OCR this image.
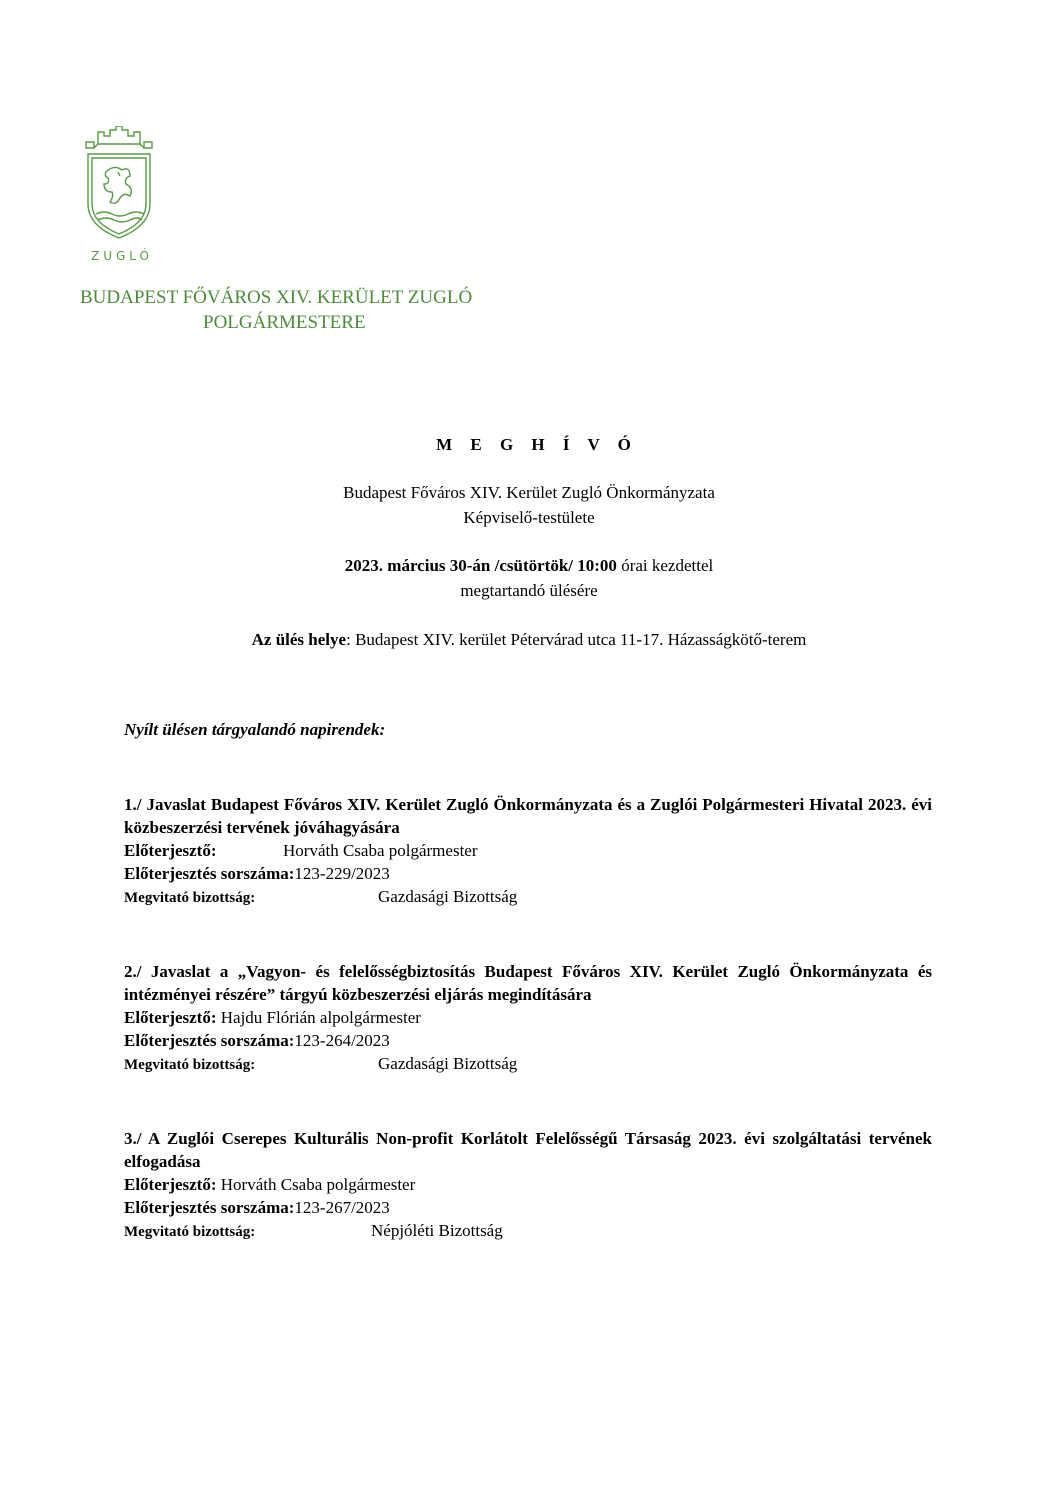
ZUGLÓ
BUDAPEST FŐVÁROS XIV. KERÜLET ZUGLÓ
POLGÁRMESTERE
M E G H Í V Ó
Budapest Főváros XIV. Kerület Zugló Önkormányzata
Képviselő-testülete
2023. március 30-án /csütörtök/ 10:00 órai kezdettel
megtartandó ülésére
Az ülés helye: Budapest XIV. kerület Pétervárad utca 11-17. Házasságkötő-terem
Nyílt ülésen tárgyalandó napirendek:
1./ Javaslat Budapest Főváros XIV. Kerület Zugló Önkormányzata és a Zuglói Polgármesteri Hivatal 2023. évi közbeszerzési tervének jóváhagyására
Előterjesztő:	Horváth Csaba polgármester
Előterjesztés sorszáma:123-229/2023
Megvitató bizottság:	Gazdasági Bizottság
2./ Javaslat a „Vagyon- és felelősségbiztosítás Budapest Főváros XIV. Kerület Zugló Önkormányzata és intézményei részére” tárgyú közbeszerzési eljárás megindítására
Előterjesztő: Hajdu Flórián alpolgármester
Előterjesztés sorszáma:123-264/2023
Megvitató bizottság:	Gazdasági Bizottság
3./ A Zuglói Cserepes Kulturális Non-profit Korlátolt Felelősségű Társaság 2023. évi szolgáltatási tervének elfogadása
Előterjesztő: Horváth Csaba polgármester
Előterjesztés sorszáma:123-267/2023
Megvitató bizottság:	Népjóléti Bizottság
